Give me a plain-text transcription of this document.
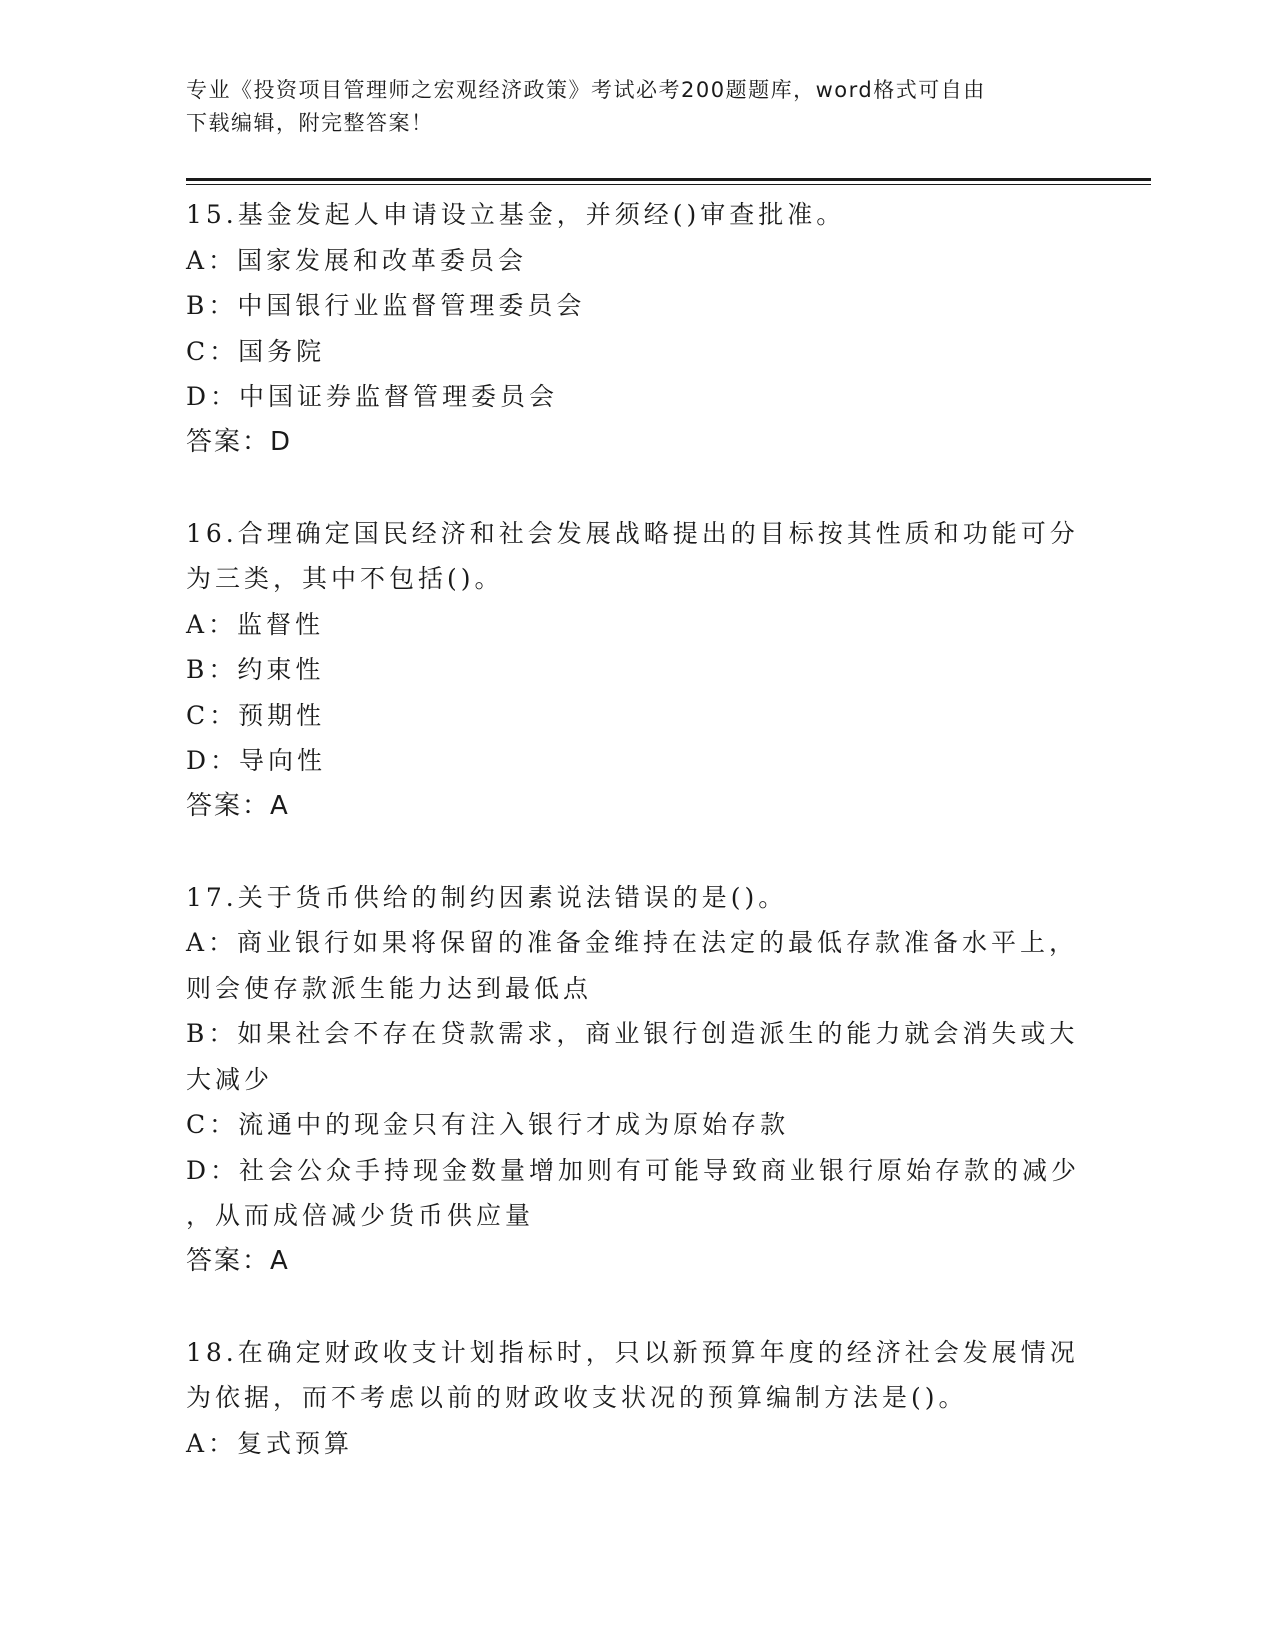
专业《投资项目管理师之宏观经济政策》考试必考200题题库，word格式可自由
下载编辑，附完整答案！
15.基金发起人申请设立基金，并须经()审查批准。
A：国家发展和改革委员会
B：中国银行业监督管理委员会
C：国务院
D：中国证券监督管理委员会
答案：D
16.合理确定国民经济和社会发展战略提出的目标按其性质和功能可分
为三类，其中不包括()。
A：监督性
B：约束性
C：预期性
D：导向性
答案：A
17.关于货币供给的制约因素说法错误的是()。
A：商业银行如果将保留的准备金维持在法定的最低存款准备水平上，
则会使存款派生能力达到最低点
B：如果社会不存在贷款需求，商业银行创造派生的能力就会消失或大
大减少
C：流通中的现金只有注入银行才成为原始存款
D：社会公众手持现金数量增加则有可能导致商业银行原始存款的减少
，从而成倍减少货币供应量
答案：A
18.在确定财政收支计划指标时，只以新预算年度的经济社会发展情况
为依据，而不考虑以前的财政收支状况的预算编制方法是()。
A：复式预算
